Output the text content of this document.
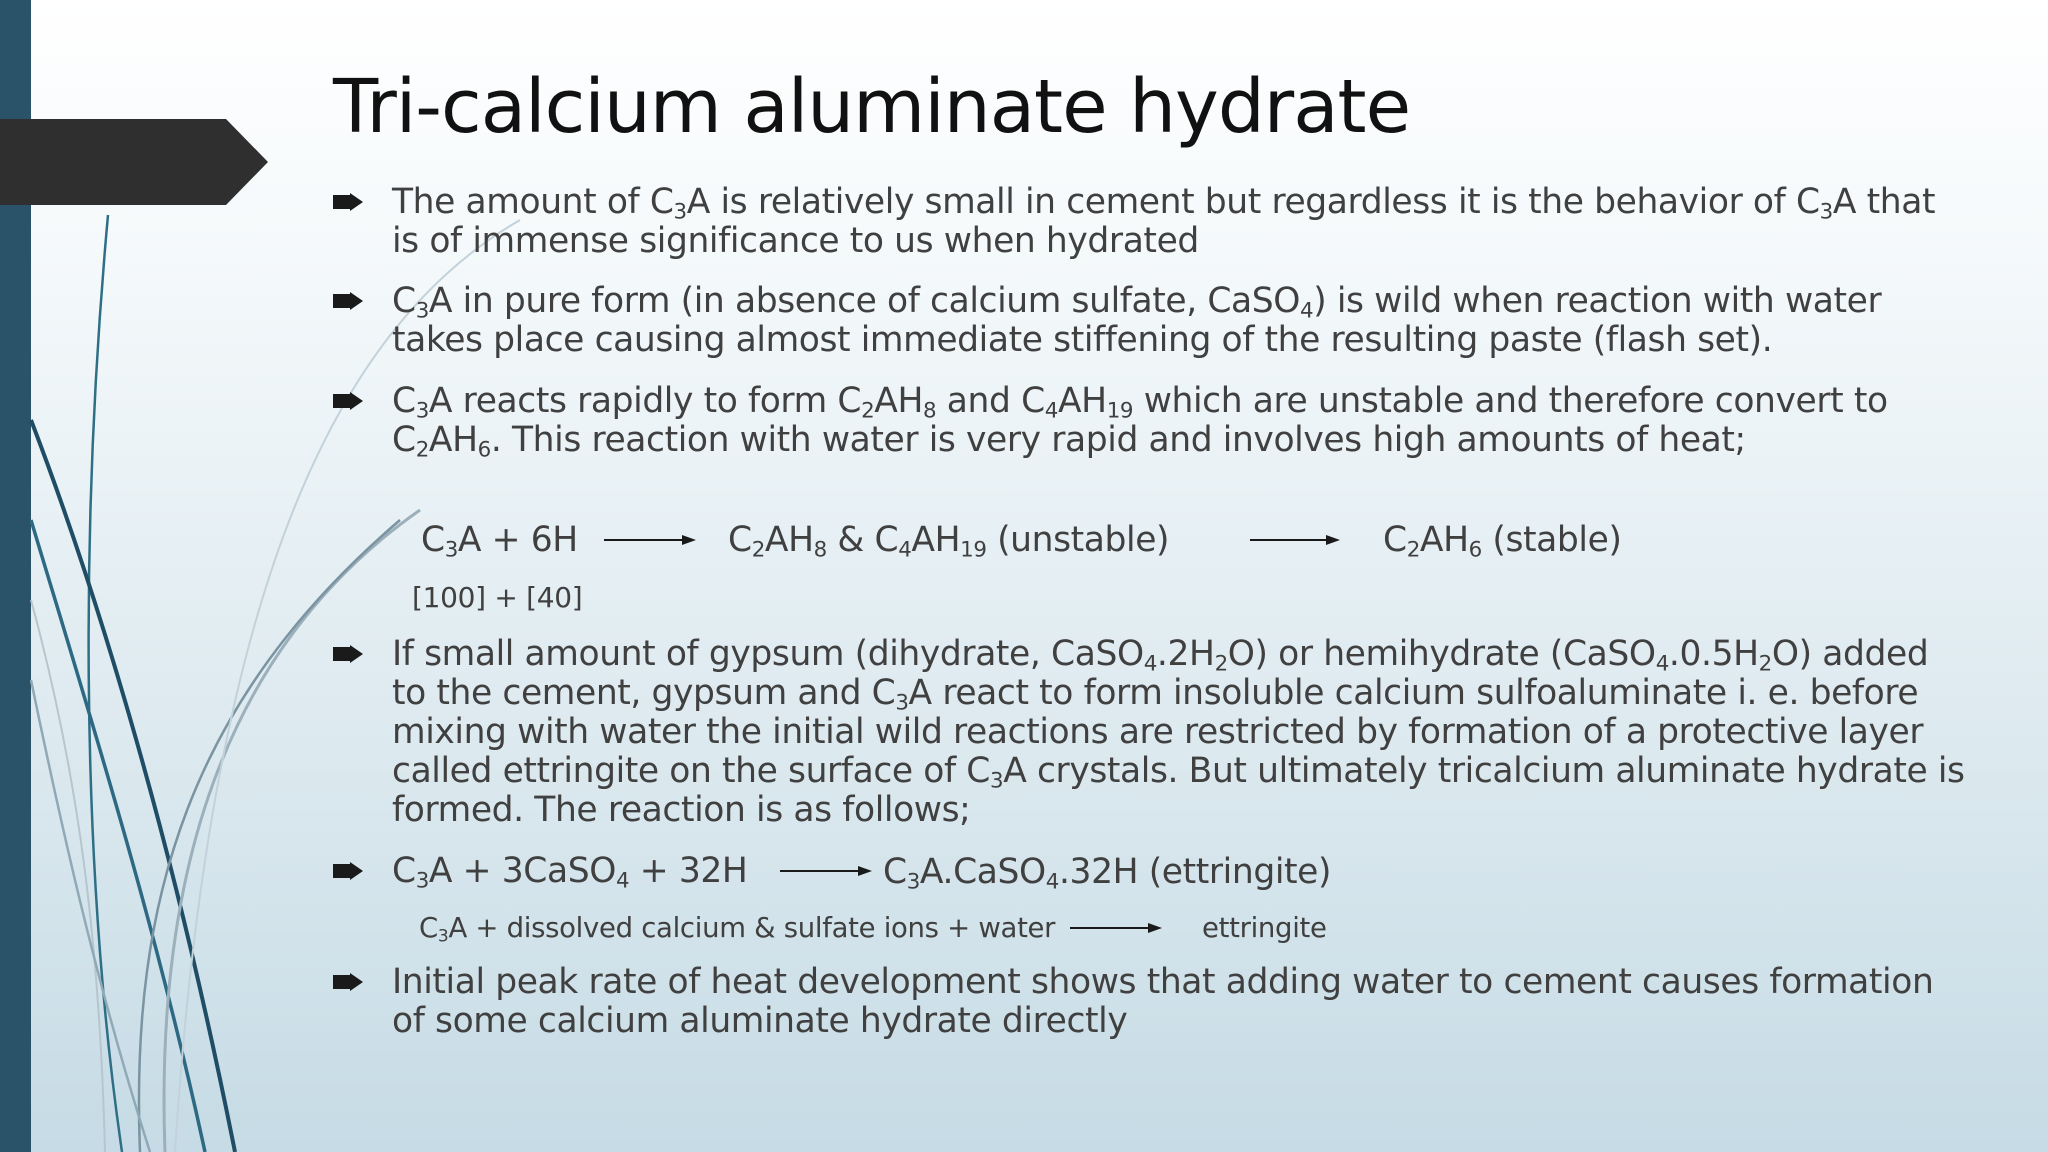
Tri-calcium aluminate hydrate

The amount of $C_3A$ is relatively small in cement but regardless it is the behavior of $C_3A$ that is of immense significance to us when hydrated

$C_3A$ in pure form (in absence of calcium sulfate, CaSO$_4$) is wild when reaction with water takes place causing almost immediate stiffening of the resulting paste (flash set).

$C_3A$ reacts rapidly to form $C_2AH_8$ and $C_4AH_{19}$ which are unstable and therefore convert to $C_2AH_6$. This reaction with water is very rapid and involves high amounts of heat;

$C_3A + 6H$	$C_2AH_8$ & $C_4AH_{19}$ (unstable)	$C_2AH_6$ (stable)
[100] + [40]

If small amount of gypsum (dihydrate, $CaSO_4.2H_2O$) or hemihydrate $(CaSO_4.0.5H_2O)$ added to the cement, gypsum and $C_3A$ react to form insoluble calcium sulfoaluminate i. e. before mixing with water the initial wild reactions are restricted by formation of a protective layer called ettringite on the surface of $C_3A$ crystals. But ultimately tricalcium aluminate hydrate is formed. The reaction is as follows;

$C_3A$ + 3CaSO$_4$ + 32H	$C_3A.CaSO_4.32H$ (ettringite)
$C_3A$ + dissolved calcium & sulfate ions + water	ettringite

Initial peak rate of heat development shows that adding water to cement causes formation of some calcium aluminate hydrate directly
